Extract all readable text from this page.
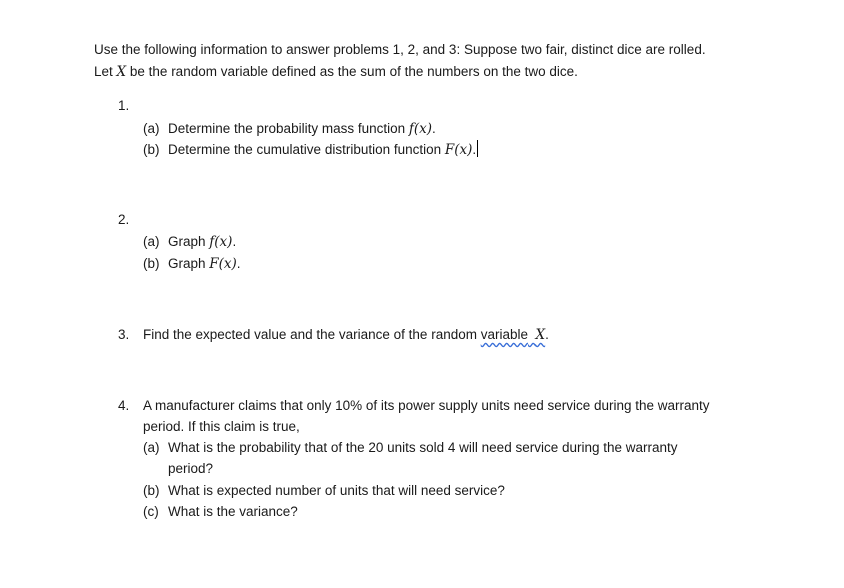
Use the following information to answer problems 1, 2, and 3: Suppose two fair, distinct dice are rolled.
Let X be the random variable defined as the sum of the numbers on the two dice.
1.
(a) Determine the probability mass function f(x).
(b) Determine the cumulative distribution function F(x).
2.
(a) Graph f(x).
(b) Graph F(x).
3. Find the expected value and the variance of the random variable X.
4. A manufacturer claims that only 10% of its power supply units need service during the warranty
period. If this claim is true,
(a) What is the probability that of the 20 units sold 4 will need service during the warranty
period?
(b) What is expected number of units that will need service?
(c) What is the variance?
